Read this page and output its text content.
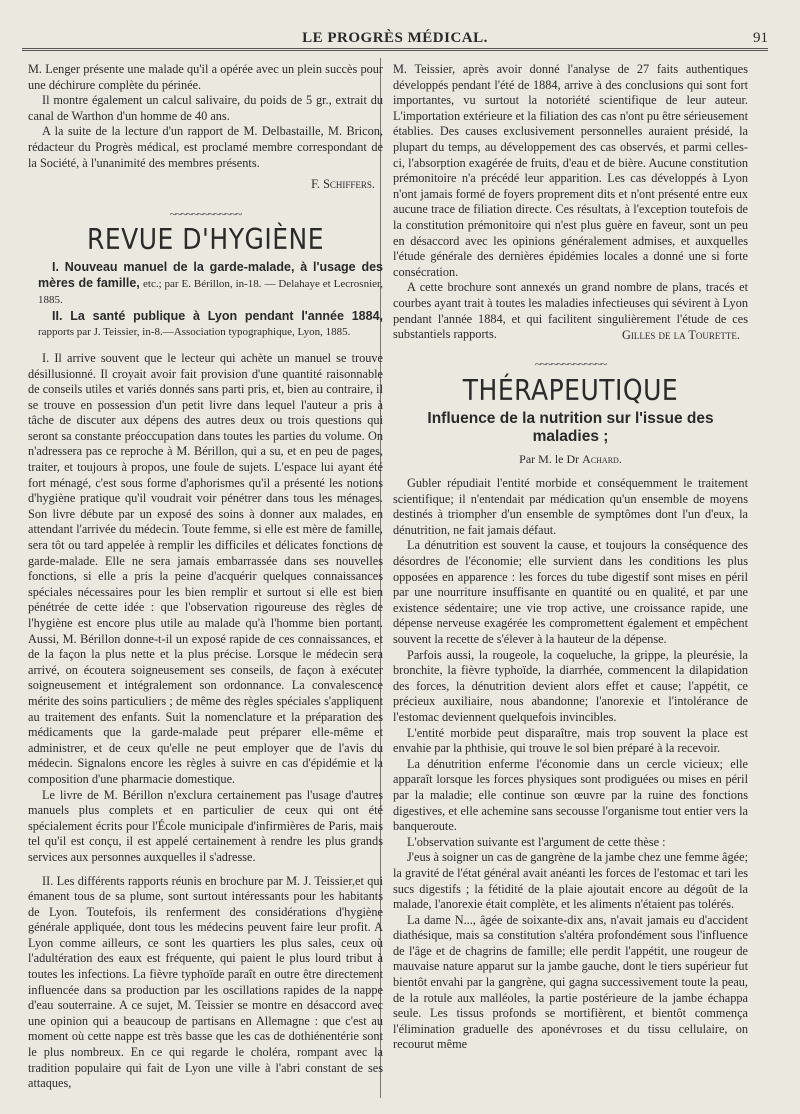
LE PROGRÈS MÉDICAL.	91

M. Lenger présente une malade qu'il a opérée avec un plein succès pour une déchirure complète du périnée.

Il montre également un calcul salivaire, du poids de 5 gr., extrait du canal de Warthon d'un homme de 40 ans.

A la suite de la lecture d'un rapport de M. Delbastaille, M. Bricon, rédacteur du Progrès médical, est proclamé membre correspondant de la Société, à l'unanimité des membres présents.

F. Schiffers.
~~~~~~~~~~~~~
REVUE D'HYGIÈNE

I. Nouveau manuel de la garde-malade, à l'usage des mères de famille, etc.; par E. Bérillon, in-18. — Delahaye et Lecrosnier, 1885.

II. La santé publique à Lyon pendant l'année 1884, rapports par J. Teissier, in-8.—Association typographique, Lyon, 1885.

I. Il arrive souvent que le lecteur qui achète un manuel se trouve désillusionné. Il croyait avoir fait provision d'une quantité raisonnable de conseils utiles et variés donnés sans parti pris, et, bien au contraire, il se trouve en possession d'un petit livre dans lequel l'auteur a pris à tâche de discuter aux dépens des autres deux ou trois questions qui seront sa constante préoccupation dans toutes les parties du volume. On n'adressera pas ce reproche à M. Bérillon, qui a su, et en peu de pages, traiter, et toujours à propos, une foule de sujets. L'espace lui ayant été fort ménagé, c'est sous forme d'aphorismes qu'il a présenté les notions d'hygiène pratique qu'il voudrait voir pénétrer dans tous les ménages. Son livre débute par un exposé des soins à donner aux malades, en attendant l'arrivée du médecin. Toute femme, si elle est mère de famille, sera tôt ou tard appelée à remplir les difficiles et délicates fonctions de garde-malade. Elle ne sera jamais embarrassée dans ses nouvelles fonctions, si elle a pris la peine d'acquérir quelques connaissances spéciales nécessaires pour les bien remplir et surtout si elle est bien pénétrée de cette idée : que l'observation rigoureuse des règles de l'hygiène est encore plus utile au malade qu'à l'homme bien portant. Aussi, M. Bérillon donne-t-il un exposé rapide de ces connaissances, et de la façon la plus nette et la plus précise. Lorsque le médecin sera arrivé, on écoutera soigneusement ses conseils, de façon à exécuter soigneusement et intégralement son ordonnance. La convalescence mérite des soins particuliers ; de même des règles spéciales s'appliquent au traitement des enfants. Suit la nomenclature et la préparation des médicaments que la garde-malade peut préparer elle-même et administrer, et de ceux qu'elle ne peut employer que de l'avis du médecin. Signalons encore les règles à suivre en cas d'épidémie et la composition d'une pharmacie domestique.

Le livre de M. Bérillon n'exclura certainement pas l'usage d'autres manuels plus complets et en particulier de ceux qui ont été spécialement écrits pour l'École municipale d'infirmières de Paris, mais tel qu'il est conçu, il est appelé certainement à rendre les plus grands services aux personnes auxquelles il s'adresse.

II. Les différents rapports réunis en brochure par M. J. Teissier,et qui émanent tous de sa plume, sont surtout intéressants pour les habitants de Lyon. Toutefois, ils renferment des considérations d'hygiène générale appliquée, dont tous les médecins peuvent faire leur profit. A Lyon comme ailleurs, ce sont les quartiers les plus sales, ceux où l'adultération des eaux est fréquente, qui paient le plus lourd tribut à toutes les infections. La fièvre typhoïde paraît en outre être directement influencée dans sa production par les oscillations rapides de la nappe d'eau souterraine. A ce sujet, M. Teissier se montre en désaccord avec une opinion qui a beaucoup de partisans en Allemagne : que c'est au moment où cette nappe est très basse que les cas de dothiénentérie sont le plus nombreux. En ce qui regarde le choléra, rompant avec la tradition populaire qui fait de Lyon une ville à l'abri constant de ses attaques,

M. Teissier, après avoir donné l'analyse de 27 faits authentiques développés pendant l'été de 1884, arrive à des conclusions qui sont fort importantes, vu surtout la notoriété scientifique de leur auteur. L'importation extérieure et la filiation des cas n'ont pu être sérieusement établies. Des causes exclusivement personnelles auraient présidé, la plupart du temps, au développement des cas observés, et parmi celles-ci, l'absorption exagérée de fruits, d'eau et de bière. Aucune constitution prémonitoire n'a précédé leur apparition. Les cas développés à Lyon n'ont jamais formé de foyers proprement dits et n'ont présenté entre eux aucune trace de filiation directe. Ces résultats, à l'exception toutefois de la constitution prémonitoire qui n'est plus guère en faveur, sont un peu en désaccord avec les opinions généralement admises, et auxquelles l'étude générale des dernières épidémies locales a donné une si forte consécration.

A cette brochure sont annexés un grand nombre de plans, tracés et courbes ayant trait à toutes les maladies infectieuses qui sévirent à Lyon pendant l'année 1884, et qui facilitent singulièrement l'étude de ces substantiels rapports.	Gilles de la Tourette.
~~~~~~~~~~~~~
THÉRAPEUTIQUE
Influence de la nutrition sur l'issue des maladies ;
Par M. le Dr Achard.

Gubler répudiait l'entité morbide et conséquemment le traitement scientifique; il n'entendait par médication qu'un ensemble de moyens destinés à triompher d'un ensemble de symptômes dont l'un d'eux, la dénutrition, ne fait jamais défaut.

La dénutrition est souvent la cause, et toujours la conséquence des désordres de l'économie; elle survient dans les conditions les plus opposées en apparence : les forces du tube digestif sont mises en péril par une nourriture insuffisante en quantité ou en qualité, et par une existence sédentaire; une vie trop active, une croissance rapide, une dépense nerveuse exagérée les compromettent également et empêchent souvent la recette de s'élever à la hauteur de la dépense.

Parfois aussi, la rougeole, la coqueluche, la grippe, la pleurésie, la bronchite, la fièvre typhoïde, la diarrhée, commencent la dilapidation des forces, la dénutrition devient alors effet et cause; l'appétit, ce précieux auxiliaire, nous abandonne; l'anorexie et l'intolérance de l'estomac deviennent quelquefois invincibles.

L'entité morbide peut disparaître, mais trop souvent la place est envahie par la phthisie, qui trouve le sol bien préparé à la recevoir.

La dénutrition enferme l'économie dans un cercle vicieux; elle apparaît lorsque les forces physiques sont prodiguées ou mises en péril par la maladie; elle continue son œuvre par la ruine des fonctions digestives, et elle achemine sans secousse l'organisme tout entier vers la banqueroute.

L'observation suivante est l'argument de cette thèse :

J'eus à soigner un cas de gangrène de la jambe chez une femme âgée; la gravité de l'état général avait anéanti les forces de l'estomac et tari les sucs digestifs ; la fétidité de la plaie ajoutait encore au dégoût de la malade, l'anorexie était complète, et les aliments n'étaient pas tolérés.

La dame N..., âgée de soixante-dix ans, n'avait jamais eu d'accident diathésique, mais sa constitution s'altéra profondément sous l'influence de l'âge et de chagrins de famille; elle perdit l'appétit, une rougeur de mauvaise nature apparut sur la jambe gauche, dont le tiers supérieur fut bientôt envahi par la gangrène, qui gagna successivement toute la peau, de la rotule aux malléoles, la partie postérieure de la jambe échappa seule. Les tissus profonds se mortifièrent, et bientôt commença l'élimination graduelle des aponévroses et du tissu cellulaire, on recourut même
